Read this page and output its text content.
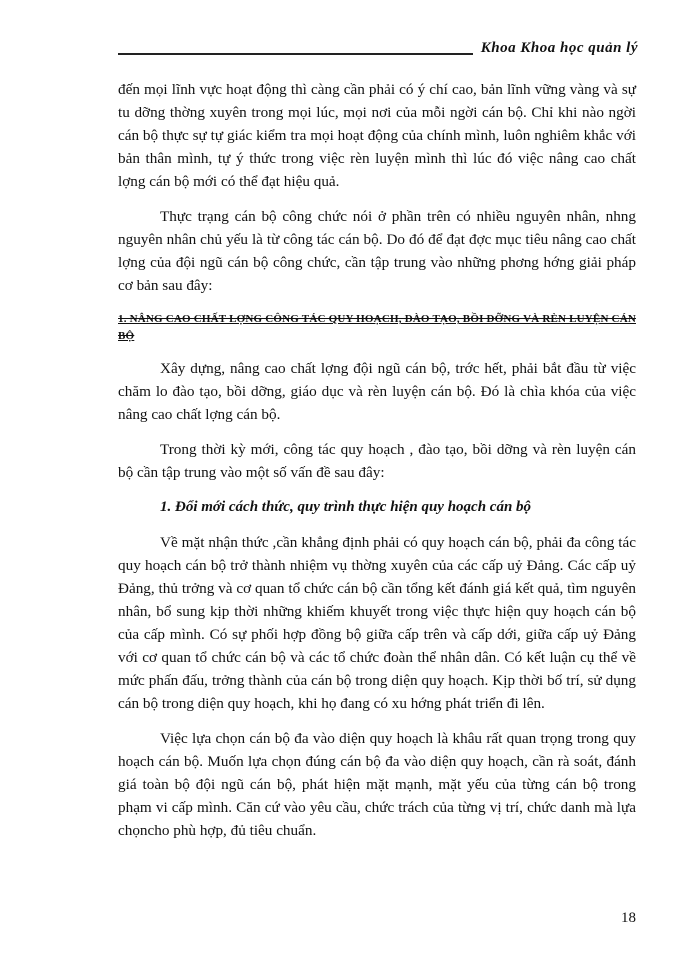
Khoa Khoa học quản lý

đến mọi lĩnh vực hoạt động thì càng cần phải có ý chí cao, bản lĩnh vững vàng và sự tu dỡng thờng xuyên trong mọi lúc, mọi nơi của mỗi ngời cán bộ. Chỉ khi nào ngời cán bộ thực sự tự giác kiểm tra mọi hoạt động của chính mình, luôn nghiêm khắc với bản thân mình, tự ý thức trong việc rèn luyện mình thì lúc đó việc nâng cao chất lợng cán bộ mới có thể đạt hiệu quả.

Thực trạng cán bộ công chức nói ở phần trên có nhiều nguyên nhân, nhng nguyên nhân chủ yếu là từ công tác cán bộ. Do đó để đạt đợc mục tiêu nâng cao chất lợng của đội ngũ cán bộ công chức, cần tập trung vào những phơng hớng giải pháp cơ bản sau đây:

1. NÂNG CAO CHẤT LỢNG CÔNG TÁC QUY HOẠCH, ĐÀO TẠO, BỒI DỠNG VÀ RÈN LUYỆN CÁN BỘ

Xây dựng, nâng cao chất lợng đội ngũ cán bộ, trớc hết, phải bắt đầu từ việc chăm lo đào tạo, bồi dỡng, giáo dục và rèn luyện cán bộ. Đó là chìa khóa của việc nâng cao chất lợng cán bộ.

Trong thời kỳ mới, công tác quy hoạch , đào tạo, bồi dỡng và rèn luyện cán bộ cần tập trung vào một số vấn đề sau đây:

1. Đổi mới cách thức, quy trình thực hiện quy hoạch cán bộ

Về mặt nhận thức ,cần khẳng định phải có quy hoạch cán bộ, phải đa công tác quy hoạch cán bộ trở thành nhiệm vụ thờng xuyên của các cấp uỷ Đảng. Các cấp uỷ Đảng, thủ trởng và cơ quan tổ chức cán bộ cần tổng kết đánh giá kết quả, tìm nguyên nhân, bổ sung kịp thời những khiếm khuyết trong việc thực hiện quy hoạch cán bộ của cấp mình. Có sự phối hợp đồng bộ giữa cấp trên và cấp dới, giữa cấp uỷ Đảng với cơ quan tổ chức cán bộ và các tổ chức đoàn thể nhân dân. Có kết luận cụ thể về mức phấn đấu, trởng thành của cán bộ trong diện quy hoạch. Kịp thời bố trí, sử dụng cán bộ trong diện quy hoạch, khi họ đang có xu hớng phát triển đi lên.

Việc lựa chọn cán bộ đa vào diện quy hoạch là khâu rất quan trọng trong quy hoạch cán bộ. Muốn lựa chọn đúng cán bộ đa vào diện quy hoạch, cần rà soát, đánh giá toàn bộ đội ngũ cán bộ, phát hiện mặt mạnh, mặt yếu của từng cán bộ trong phạm vi cấp mình. Căn cứ vào yêu cầu, chức trách của từng vị trí, chức danh mà lựa chọncho phù hợp, đủ tiêu chuẩn.

18
